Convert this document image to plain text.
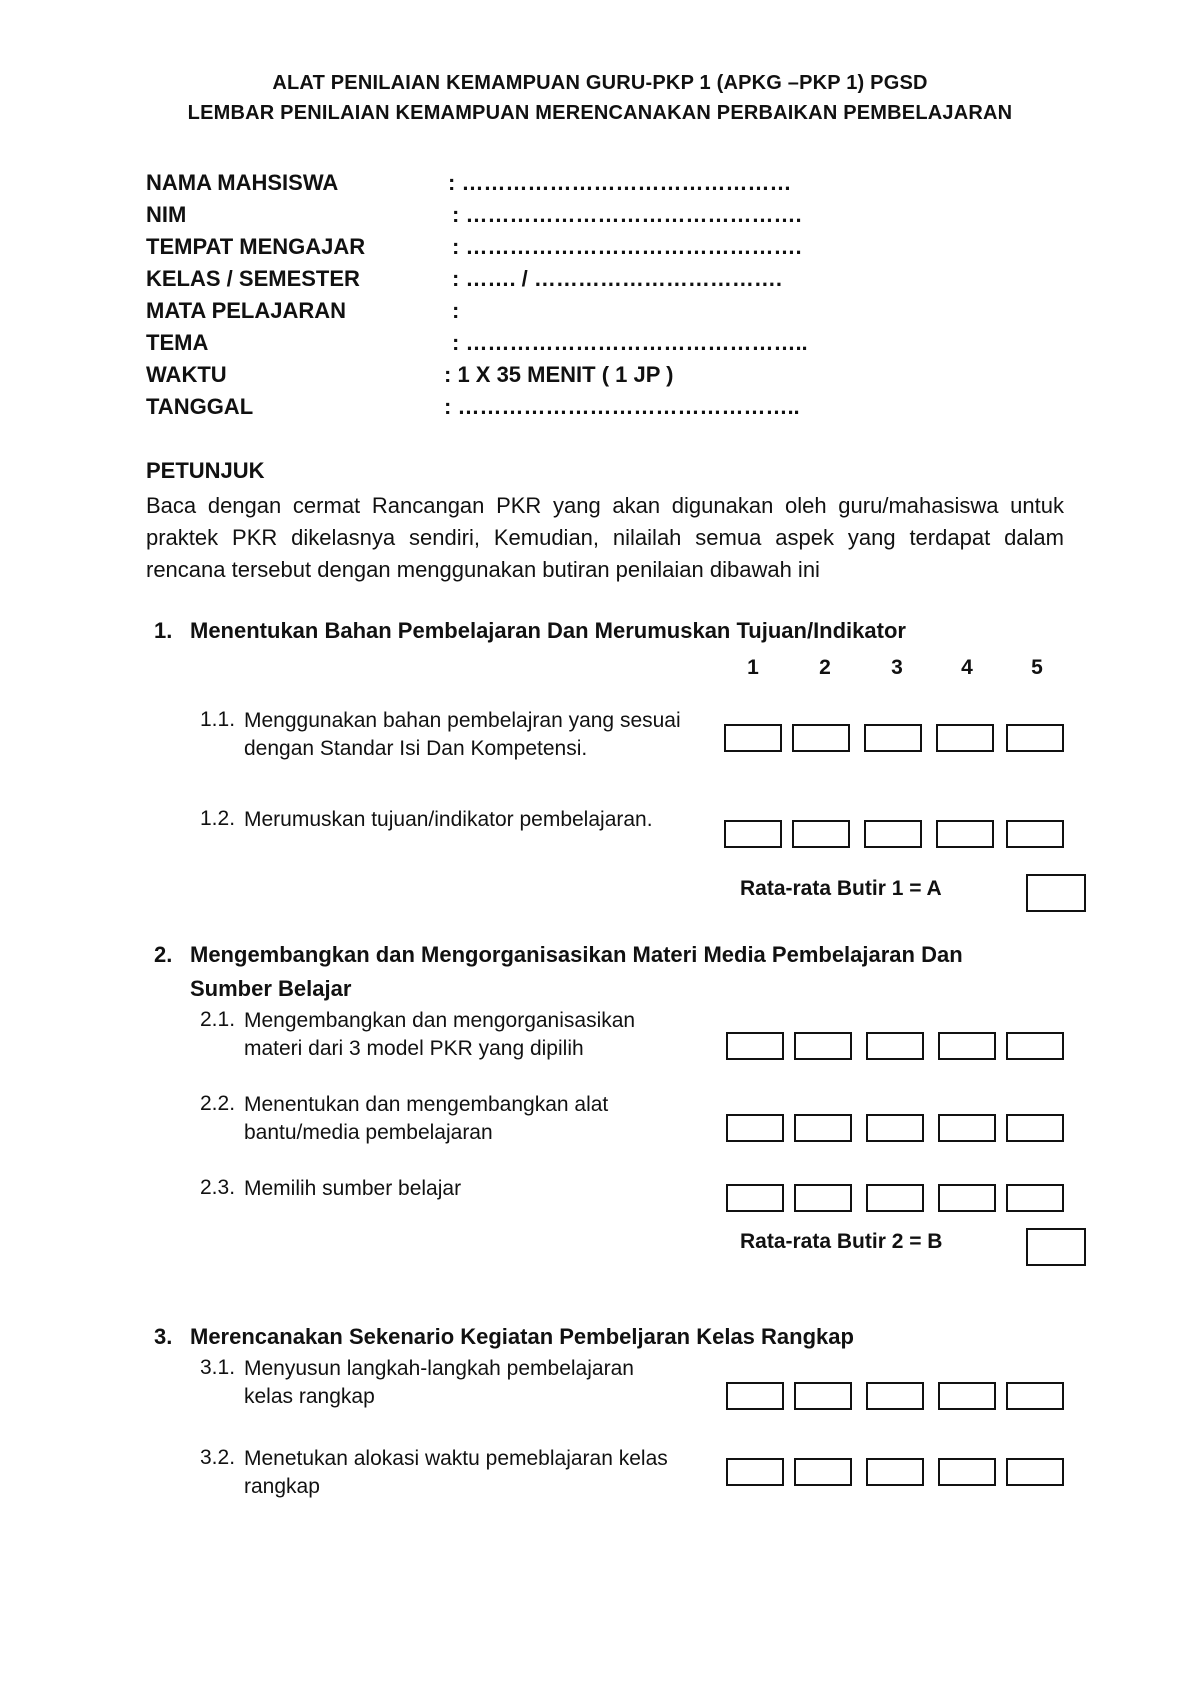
ALAT PENILAIAN KEMAMPUAN GURU-PKP 1 (APKG –PKP 1) PGSD
LEMBAR PENILAIAN KEMAMPUAN MERENCANAKAN PERBAIKAN PEMBELAJARAN
NAMA MAHSISWA	: ………………………………………
NIM	: ……………………………………….
TEMPAT MENGAJAR	: ……………………………………….
KELAS / SEMESTER	: ……. / …………………………….
MATA PELAJARAN	:
TEMA	: ………………………………………..
WAKTU	: 1 X 35 MENIT ( 1 JP )
TANGGAL	: ………………………………………..
PETUNJUK
Baca dengan cermat Rancangan PKR yang akan digunakan oleh guru/mahasiswa untuk praktek PKR dikelasnya sendiri, Kemudian, nilailah semua aspek yang terdapat dalam rencana tersebut dengan menggunakan butiran penilaian dibawah ini
1. Menentukan Bahan Pembelajaran Dan Merumuskan Tujuan/Indikator
1	2	3	4	5
1.1. Menggunakan bahan pembelajran yang sesuai dengan Standar Isi Dan Kompetensi.
1.2. Merumuskan tujuan/indikator pembelajaran.
Rata-rata Butir 1 = A
2. Mengembangkan dan Mengorganisasikan Materi Media Pembelajaran Dan
Sumber Belajar
2.1. Mengembangkan dan mengorganisasikan materi dari 3 model PKR yang dipilih
2.2. Menentukan dan mengembangkan alat bantu/media pembelajaran
2.3. Memilih sumber belajar
Rata-rata Butir 2 = B
3. Merencanakan Sekenario Kegiatan Pembeljaran Kelas Rangkap
3.1. Menyusun langkah-langkah pembelajaran kelas rangkap
3.2. Menetukan alokasi waktu pemeblajaran kelas rangkap
